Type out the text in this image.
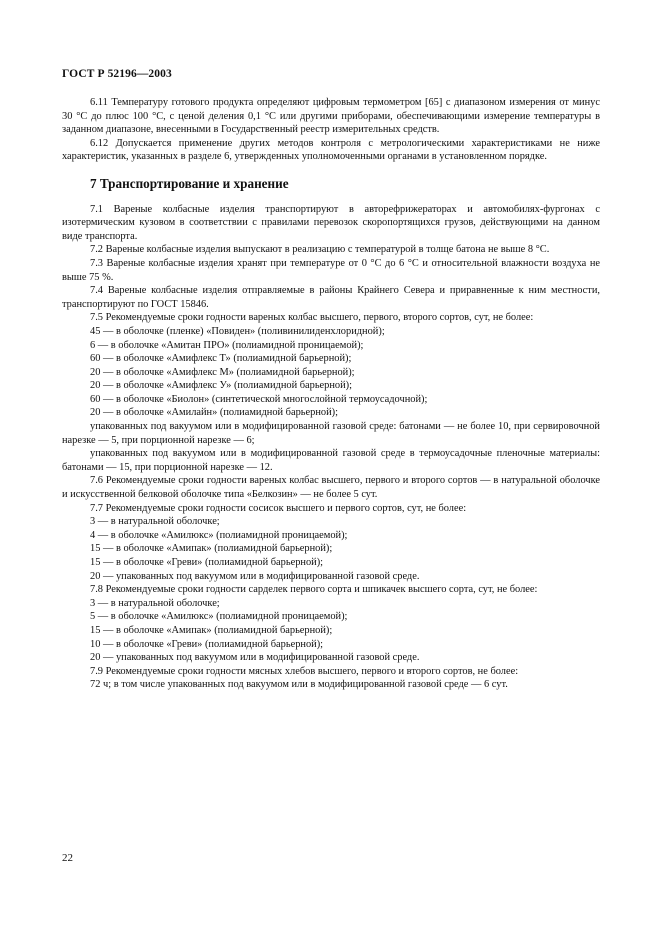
ГОСТ Р 52196—2003

6.11 Температуру готового продукта определяют цифровым термометром [65] с диапазоном измерения от минус 30 °С до плюс 100 °С, с ценой деления 0,1 °С или другими приборами, обеспечивающими измерение температуры в заданном диапазоне, внесенными в Государственный реестр измерительных средств.

6.12 Допускается применение других методов контроля с метрологическими характеристиками не ниже характеристик, указанных в разделе 6, утвержденных уполномоченными органами в установленном порядке.

7 Транспортирование и хранение

7.1 Вареные колбасные изделия транспортируют в авторефрижераторах и автомобилях-фургонах с изотермическим кузовом в соответствии с правилами перевозок скоропортящихся грузов, действующими на данном виде транспорта.

7.2 Вареные колбасные изделия выпускают в реализацию с температурой в толще батона не выше 8 °С.

7.3 Вареные колбасные изделия хранят при температуре от 0 °С до 6 °С и относительной влажности воздуха не выше 75 %.

7.4 Вареные колбасные изделия отправляемые в районы Крайнего Севера и приравненные к ним местности, транспортируют по ГОСТ 15846.

7.5 Рекомендуемые сроки годности вареных колбас высшего, первого, второго сортов, сут, не более:

45 — в оболочке (пленке) «Повиден» (поливинилиденхлоридной);

6 — в оболочке «Амитан ПРО» (полиамидной проницаемой);

60 — в оболочке «Амифлекс Т» (полиамидной барьерной);

20 — в оболочке «Амифлекс М» (полиамидной барьерной);

20 — в оболочке «Амифлекс У» (полиамидной барьерной);

60 — в оболочке «Биолон» (синтетической многослойной термоусадочной);

20 — в оболочке «Амилайн» (полиамидной барьерной);

упакованных под вакуумом или в модифицированной газовой среде: батонами — не более 10, при сервировочной нарезке — 5, при порционной нарезке — 6;

упакованных под вакуумом или в модифицированной газовой среде в термоусадочные пленочные материалы: батонами — 15, при порционной нарезке — 12.

7.6 Рекомендуемые сроки годности вареных колбас высшего, первого и второго сортов — в натуральной оболочке и искусственной белковой оболочке типа «Белкозин» — не более 5 сут.

7.7 Рекомендуемые сроки годности сосисок высшего и первого сортов, сут, не более:

3 — в натуральной оболочке;

4 — в оболочке «Амилюкс» (полиамидной проницаемой);

15 — в оболочке «Амипак» (полиамидной барьерной);

15 — в оболочке «Греви» (полиамидной барьерной);

20 — упакованных под вакуумом или в модифицированной газовой среде.

7.8 Рекомендуемые сроки годности сарделек первого сорта и шпикачек высшего сорта, сут, не более:

3 — в натуральной оболочке;

5 — в оболочке «Амилюкс» (полиамидной проницаемой);

15 — в оболочке «Амипак» (полиамидной барьерной);

10 — в оболочке «Греви» (полиамидной барьерной);

20 — упакованных под вакуумом или в модифицированной газовой среде.

7.9 Рекомендуемые сроки годности мясных хлебов высшего, первого и второго сортов, не более:

72 ч; в том числе упакованных под вакуумом или в модифицированной газовой среде — 6 сут.

22
